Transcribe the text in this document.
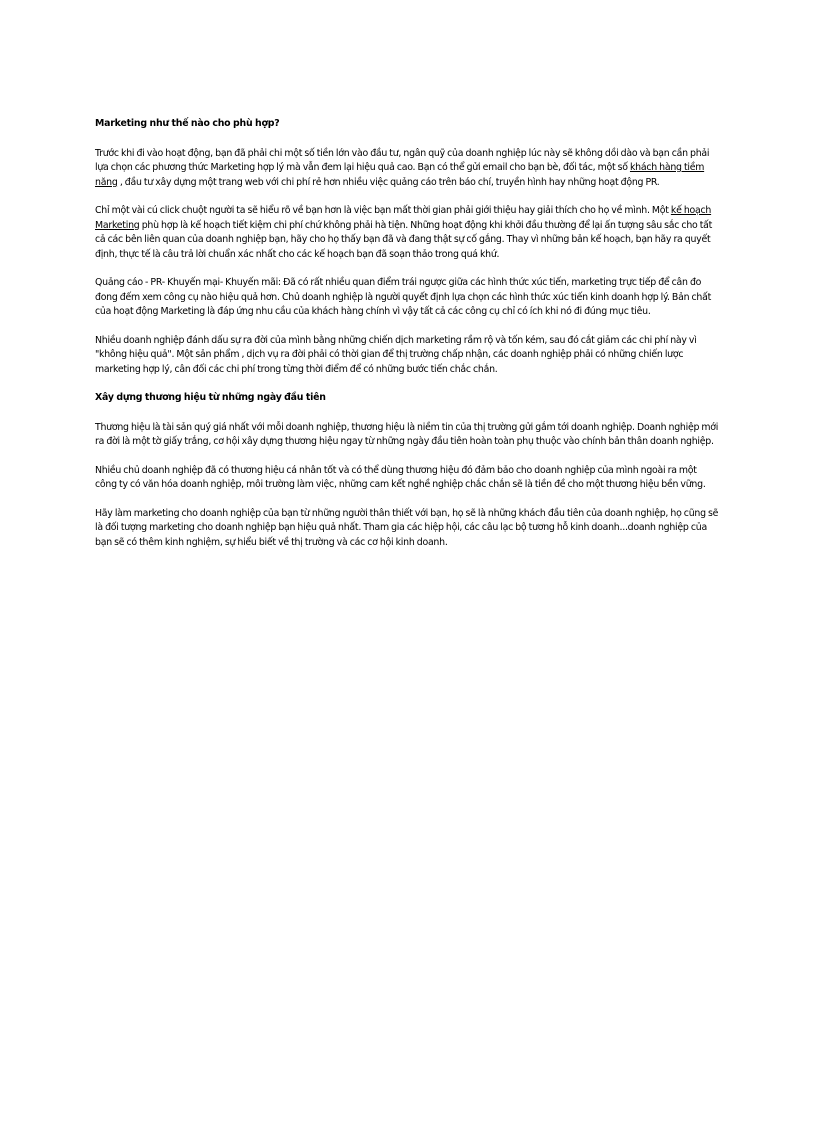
Marketing như thế nào cho phù hợp?

Trước khi đi vào hoạt động, bạn đã phải chi một số tiền lớn vào đầu tư, ngân quỹ của doanh nghiệp lúc này sẽ không dồi dào và bạn cần phải lựa chọn các phương thức Marketing hợp lý mà vẫn đem lại hiệu quả cao. Bạn có thể gửi email cho bạn bè, đối tác, một số khách hàng tiềm năng , đầu tư xây dựng một trang web với chi phí rẻ hơn nhiều việc quảng cáo trên báo chí, truyền hình hay những hoạt động PR.

Chỉ một vài cú click chuột người ta sẽ hiểu rõ về bạn hơn là việc bạn mất thời gian phải giới thiệu hay giải thích cho họ về mình. Một kế hoạch Marketing phù hợp là kế hoạch tiết kiệm chi phí chứ không phải hà tiện. Những hoạt động khi khởi đầu thường để lại ấn tượng sâu sắc cho tất cả các bên liên quan của doanh nghiệp bạn, hãy cho họ thấy bạn đã và đang thật sự cố gắng. Thay vì những bản kế hoạch, bạn hãy ra quyết định, thực tế là câu trả lời chuẩn xác nhất cho các kế hoạch bạn đã soạn thảo trong quá khứ.

Quảng cáo - PR- Khuyến mại- Khuyến mãi: Đã có rất nhiều quan điểm trái ngược giữa các hình thức xúc tiến, marketing trực tiếp để cân đo đong đếm xem công cụ nào hiệu quả hơn. Chủ doanh nghiệp là người quyết định lựa chọn các hình thức xúc tiến kinh doanh hợp lý. Bản chất của hoạt động Marketing là đáp ứng nhu cầu của khách hàng chính vì vậy tất cả các công cụ chỉ có ích khi nó đi đúng mục tiêu.

Nhiều doanh nghiệp đánh dấu sự ra đời của mình bằng những chiến dịch marketing rầm rộ và tốn kém, sau đó cắt giảm các chi phí này vì "không hiệu quả". Một sản phẩm , dịch vụ ra đời phải có thời gian để thị trường chấp nhận, các doanh nghiệp phải có những chiến lược marketing hợp lý, cân đối các chi phí trong từng thời điểm để có những bước tiến chắc chắn.

Xây dựng thương hiệu từ những ngày đầu tiên

Thương hiệu là tài sản quý giá nhất với mỗi doanh nghiệp, thương hiệu là niềm tin của thị trường gửi gắm tới doanh nghiệp. Doanh nghiệp mới ra đời là một tờ giấy trắng, cơ hội xây dựng thương hiệu ngay từ những ngày đầu tiên hoàn toàn phụ thuộc vào chính bản thân doanh nghiệp.

Nhiều chủ doanh nghiệp đã có thương hiệu cá nhân tốt và có thể dùng thương hiệu đó đảm bảo cho doanh nghiệp của mình ngoài ra một công ty có văn hóa doanh nghiệp, môi trường làm việc, những cam kết nghề nghiệp chắc chắn sẽ là tiền đề cho một thương hiệu bền vững.

Hãy làm marketing cho doanh nghiệp của bạn từ những người thân thiết với bạn, họ sẽ là những khách đầu tiên của doanh nghiệp, họ cũng sẽ là đối tượng marketing cho doanh nghiệp bạn hiệu quả nhất. Tham gia các hiệp hội, các câu lạc bộ tương hỗ kinh doanh...doanh nghiệp của bạn sẽ có thêm kinh nghiệm, sự hiểu biết về thị trường và các cơ hội kinh doanh.
